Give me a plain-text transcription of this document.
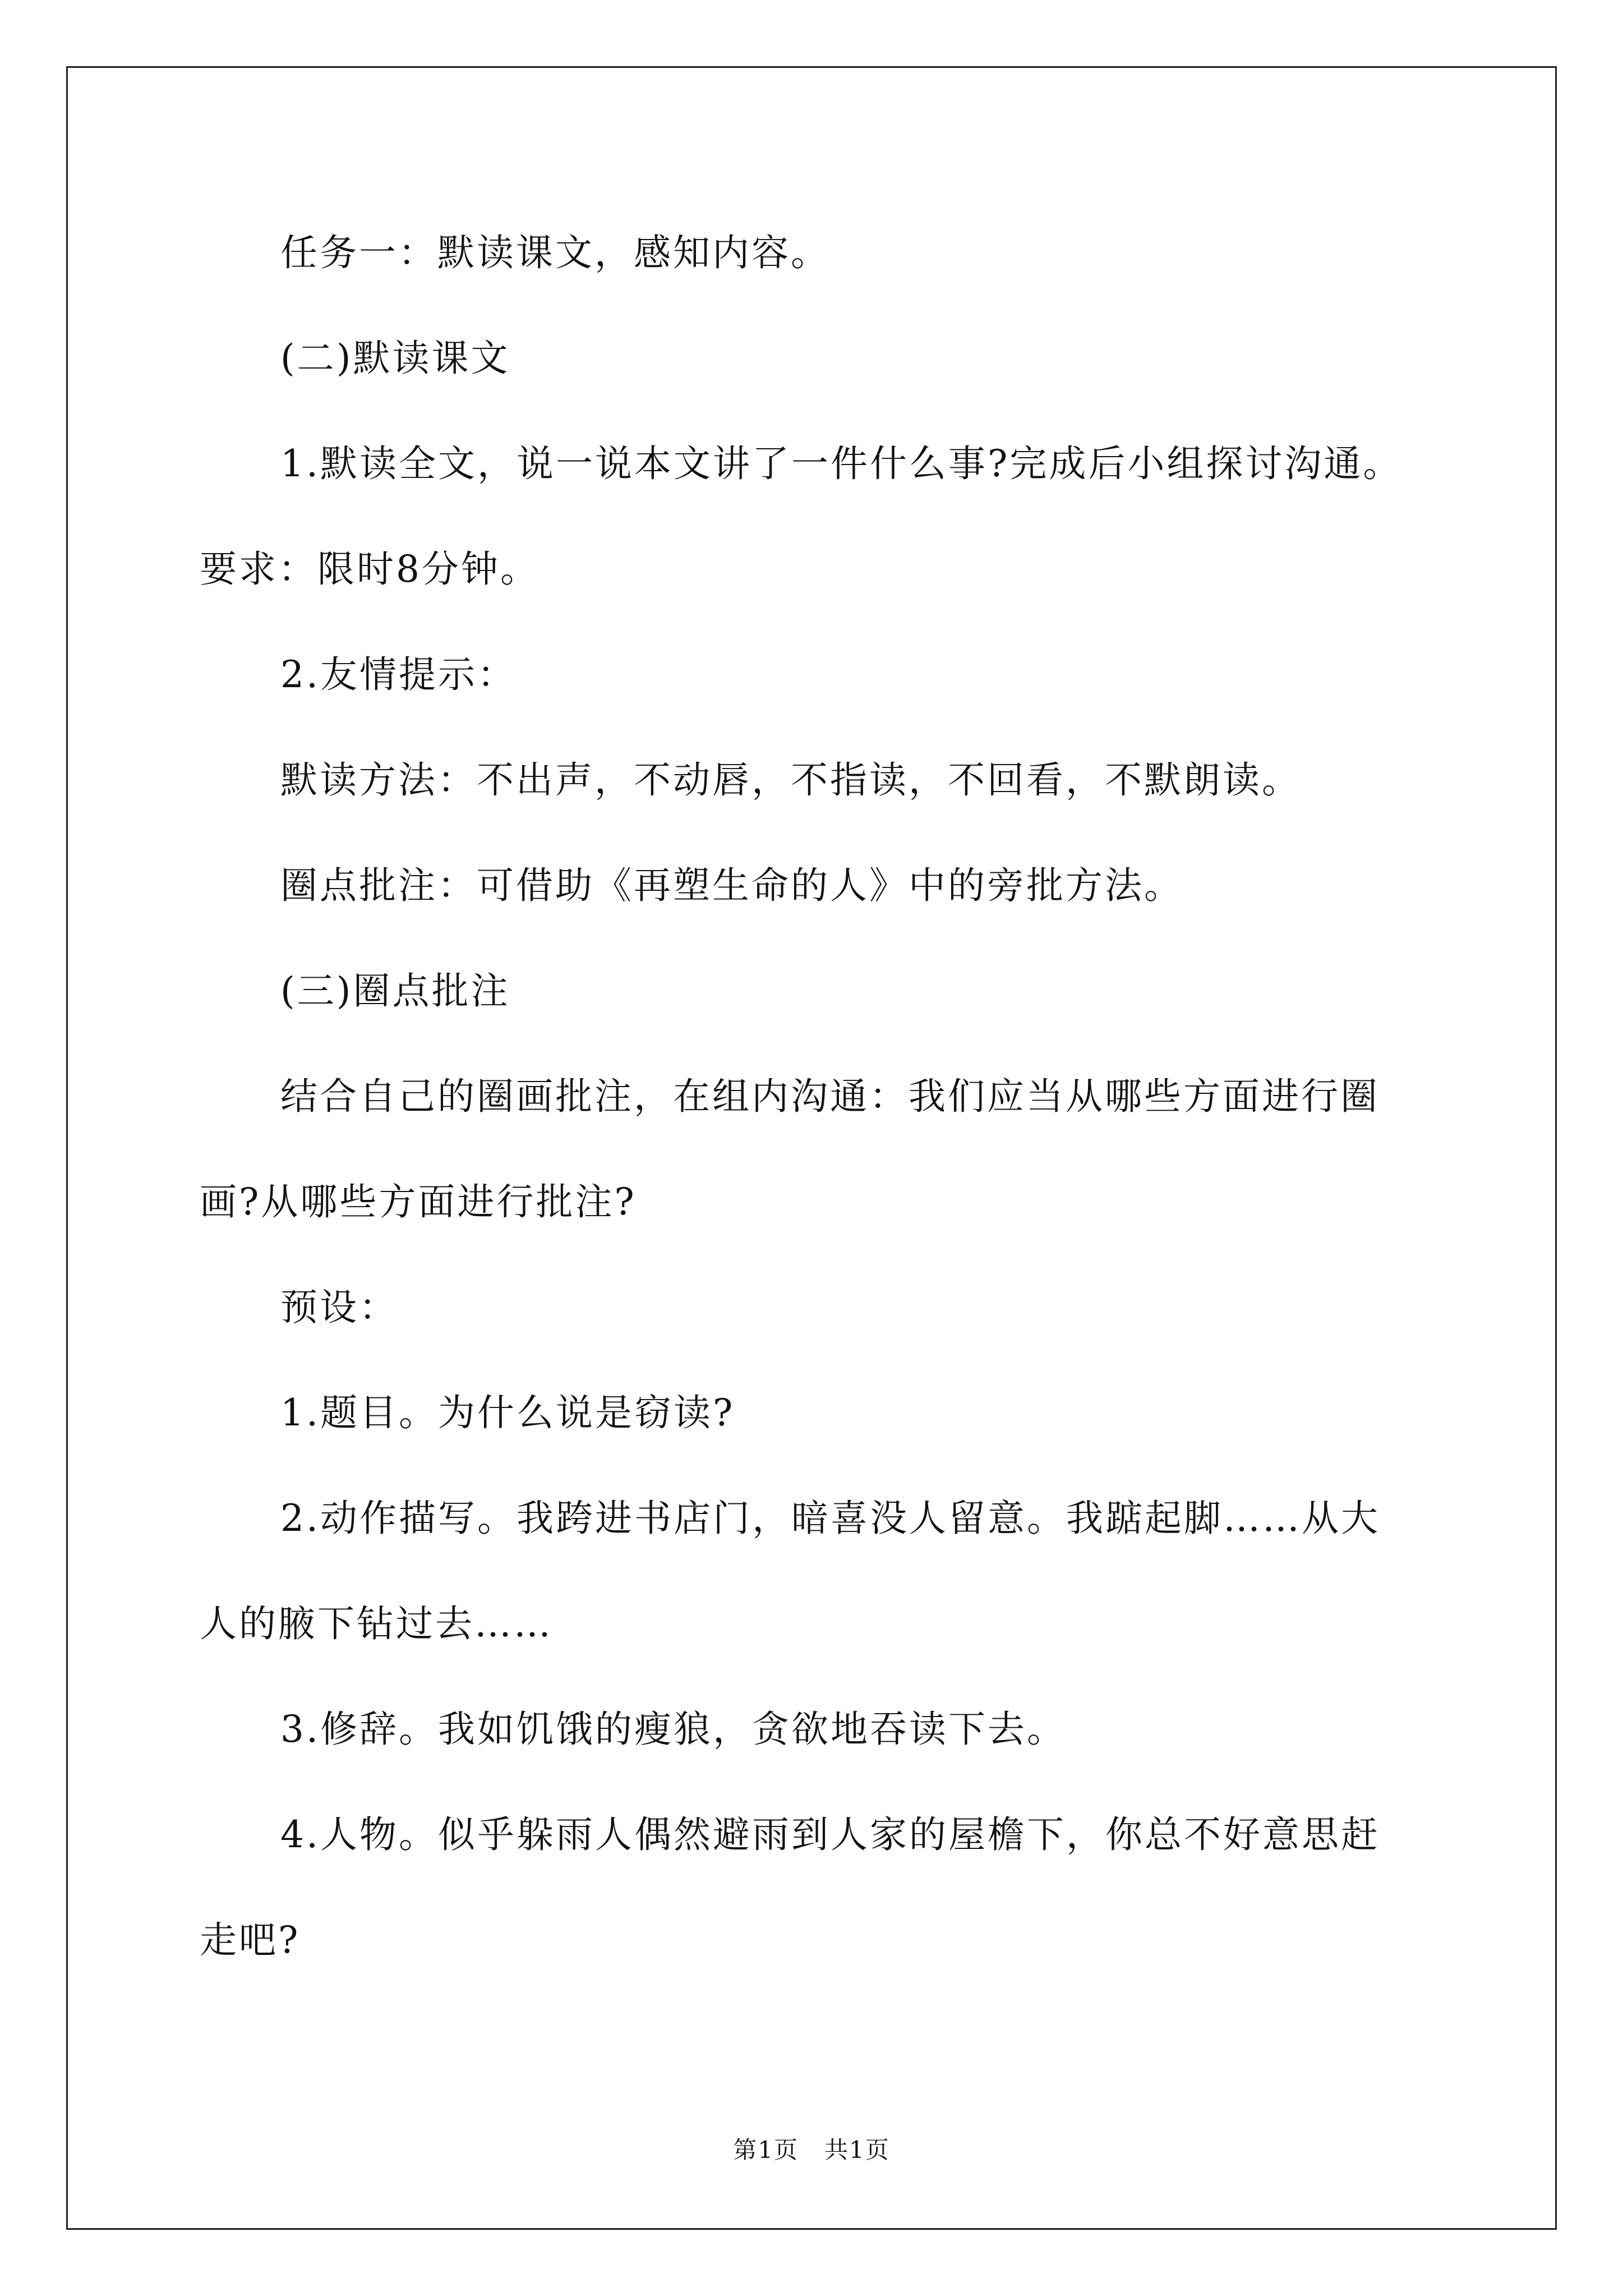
任务一：默读课文，感知内容。
(二)默读课文
1.默读全文，说一说本文讲了一件什么事?完成后小组探讨沟通。
要求：限时8分钟。
2.友情提示：
默读方法：不出声，不动唇，不指读，不回看，不默朗读。
圈点批注：可借助《再塑生命的人》中的旁批方法。
(三)圈点批注
结合自己的圈画批注，在组内沟通：我们应当从哪些方面进行圈
画?从哪些方面进行批注?
预设：
1.题目。为什么说是窃读?
2.动作描写。我跨进书店门，暗喜没人留意。我踮起脚……从大
人的腋下钻过去……
3.修辞。我如饥饿的瘦狼，贪欲地吞读下去。
4.人物。似乎躲雨人偶然避雨到人家的屋檐下，你总不好意思赶
走吧?
第1页   共1页
